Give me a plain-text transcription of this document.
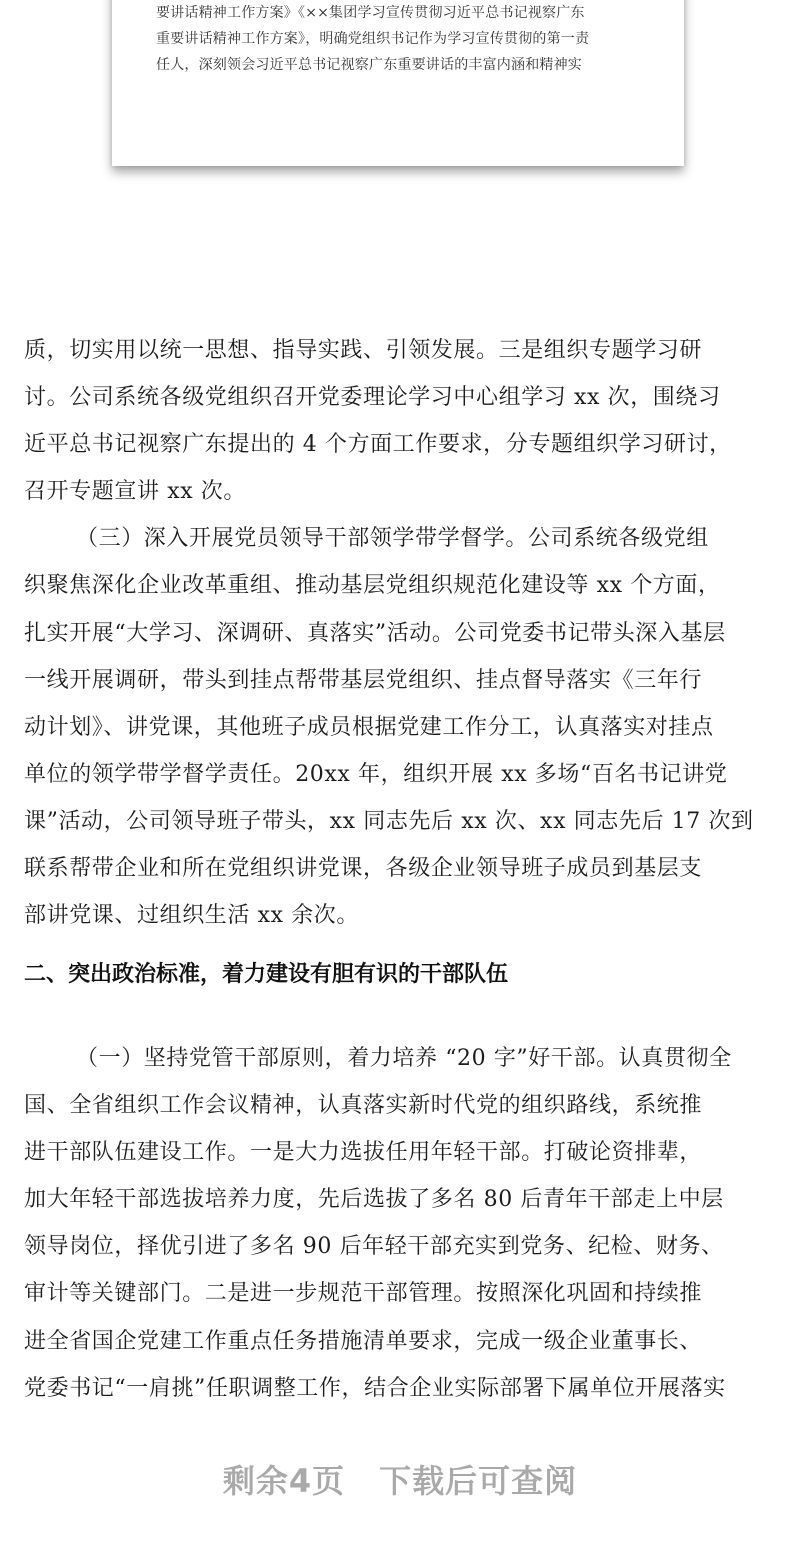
要讲话精神工作方案》《××集团学习宣传贯彻习近平总书记视察广东

重要讲话精神工作方案》，明确党组织书记作为学习宣传贯彻的第一责

任人，深刻领会习近平总书记视察广东重要讲话的丰富内涵和精神实

质，切实用以统一思想、指导实践、引领发展。三是组织专题学习研
讨。公司系统各级党组织召开党委理论学习中心组学习 xx 次，围绕习
近平总书记视察广东提出的 4 个方面工作要求，分专题组织学习研讨，
召开专题宣讲 xx 次。
（三）深入开展党员领导干部领学带学督学。公司系统各级党组
织聚焦深化企业改革重组、推动基层党组织规范化建设等 xx 个方面，
扎实开展“大学习、深调研、真落实”活动。公司党委书记带头深入基层
一线开展调研，带头到挂点帮带基层党组织、挂点督导落实《三年行
动计划》、讲党课，其他班子成员根据党建工作分工，认真落实对挂点
单位的领学带学督学责任。20xx 年，组织开展 xx 多场“百名书记讲党
课”活动，公司领导班子带头，xx 同志先后 xx 次、xx 同志先后 17 次到
联系帮带企业和所在党组织讲党课，各级企业领导班子成员到基层支
部讲党课、过组织生活 xx 余次。
二、突出政治标准，着力建设有胆有识的干部队伍
（一）坚持党管干部原则，着力培养 “20 字”好干部。认真贯彻全
国、全省组织工作会议精神，认真落实新时代党的组织路线，系统推
进干部队伍建设工作。一是大力选拔任用年轻干部。打破论资排辈，
加大年轻干部选拔培养力度，先后选拔了多名 80 后青年干部走上中层
领导岗位，择优引进了多名 90 后年轻干部充实到党务、纪检、财务、
审计等关键部门。二是进一步规范干部管理。按照深化巩固和持续推
进全省国企党建工作重点任务措施清单要求，完成一级企业董事长、
党委书记“一肩挑”任职调整工作，结合企业实际部署下属单位开展落实
剩余4页 下载后可查阅
